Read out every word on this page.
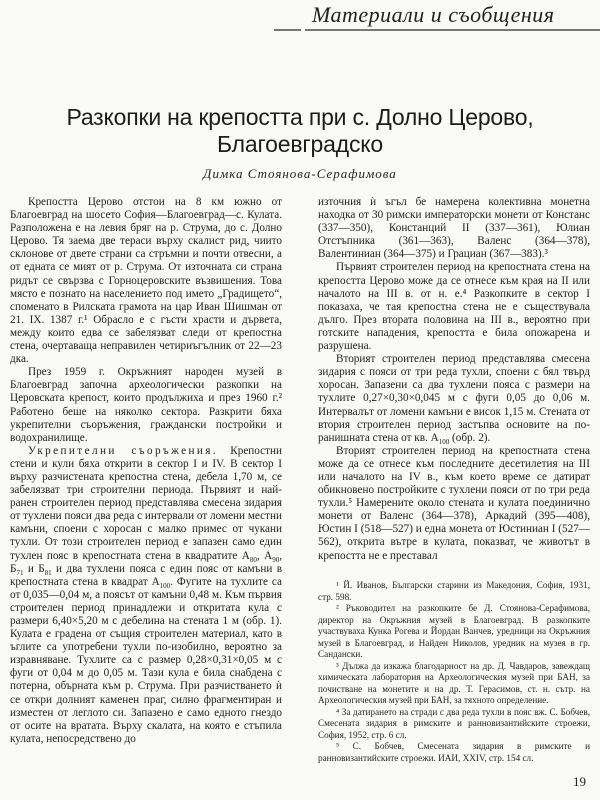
Материали и съобщения
Разкопки на крепостта при с. Долно Церово,
Благоевградско
Димка Стоянова-Серафимова

Крепостта Церово отстои на 8 км южно от Благоевград на шосето София—Благоевград—с. Кулата. Разположена е на левия бряг на р. Струма, до с. Долно Церово. Тя заема две тераси върху скалист рид, чиито склонове от двете страни са стръмни и почти отвесни, а от едната се мият от р. Струма. От източната си страна ридът се свързва с Горноцеровските възвишения. Това място е познато на населението под името „Градището“, споменато в Рилската грамота на цар Иван Шишман от 21. IX. 1387 г.¹ Обрасло е с гъсти храсти и дървета, между които едва се забелязват следи от крепостна стена, очертаваща неправилен четириъгълник от 22—23 дка.

През 1959 г. Окръжният народен музей в Благоевград започна археологически разкопки на Церовската крепост, които продължиха и през 1960 г.² Работено беше на няколко сектора. Разкрити бяха укрепителни съоръжения, граждански постройки и водохранилище.

Укрепителни съоръжения. Крепостни стени и кули бяха открити в сектор I и IV. В сектор I върху разчистената крепостна стена, дебела 1,70 м, се забелязват три строителни периода. Първият и най-ранен строителен период представлява смесена зидария от тухлени пояси два реда с интервали от ломени местни камъни, споени с хоросан с малко примес от чукани тухли. От този строителен период е запазен само един тухлен пояс в крепостната стена в квадратите $А_{80}$, $А_{90}$, $Б_{71}$ и $Б_{81}$ и два тухлени пояса с един пояс от камъни в крепостната стена в квадрат $А_{100}$. Фугите на тухлите са от 0,035—0,04 м, а поясът от камъни 0,48 м. Към първия строителен период принадлежи и откритата кула с размери 6,40×5,20 м с дебелина на стената 1 м (обр. 1). Кулата е градена от същия строителен материал, като в ъглите са употребени тухли по-изобилно, вероятно за изравняване. Тухлите са с размер 0,28×0,31×0,05 м с фуги от 0,04 м до 0,05 м. Тази кула е била снабдена с потерна, обърната към р. Струма. При разчистването ѝ се откри долният каменен праг, силно фрагментиран и изместен от леглото си. Запазено е само едното гнездо от осите на вратата. Върху скалата, на която е стъпила кулата, непосредствено до

източния ѝ ъгъл бе намерена колективна монетна находка от 30 римски императорски монети от Констанс (337—350), Констанций II (337—361), Юлиан Отстъпника (361—363), Валенс (364—378), Валентиниан (364—375) и Грациан (367—383).³

Първият строителен период на крепостната стена на крепостта Церово може да се отнесе към края на II или началото на III в. от н. е.⁴ Разкопките в сектор I показаха, че тая крепостна стена не е съществувала дълго. През втората половина на III в., вероятно при готските нападения, крепостта е била опожарена и разрушена.

Вторият строителен период представлява смесена зидария с пояси от три реда тухли, споени с бял твърд хоросан. Запазени са два тухлени пояса с размери на тухлите 0,27×0,30×0,045 м с фуги 0,05 до 0,06 м. Интервалът от ломени камъни е висок 1,15 м. Стената от втория строителен период застъпва основите на по-ранишната стена от кв. $А_{100}$ (обр. 2).

Вторият строителен период на крепостната стена може да се отнесе към последните десетилетия на III или началото на IV в., към което време се датират обикновено постройките с тухлени пояси от по три реда тухли.⁵ Намерените около стената и кулата поединично монети от Валенс (364—378), Аркадий (395—408), Юстин I (518—527) и една монета от Юстиниан I (527—562), открита вътре в кулата, показват, че животът в крепостта не е преставал

¹ Й. Иванов, Български старини из Македония, София, 1931, стр. 598.

² Ръководител на разкопките бе Д. Стоянова-Серафимова, директор на Окръжния музей в Благоевград. В разкопките участвуваха Кунка Рогева и Йордан Ванчев, уредници на Окръжния музей в Благоевград, и Найден Николов, уредник на музея в гр. Сандански.

³ Дължа да изкажа благодарност на др. Д. Чавдаров, завеждащ химическата лаборатория на Археологическия музей при БАН, за почистване на монетите и на др. Т. Герасимов, ст. н. сътр. на Археологическия музей при БАН, за тяхното определение.

⁴ За датирането на стради с два реда тухли в пояс вж. С. Бобчев, Смесената зидария в римските и ранновизантийските строежи, София, 1952, стр. 6 сл.

⁵ С. Бобчев, Смесената зидария в римските и ранновизантийските строежи. ИАИ, XXIV, стр. 154 сл.

19
